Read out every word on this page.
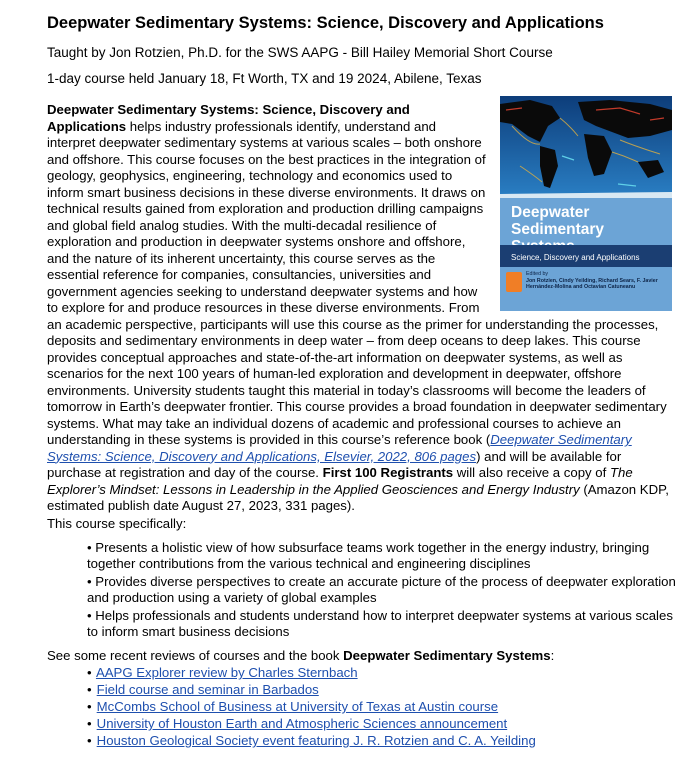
Deepwater Sedimentary Systems: Science, Discovery and Applications
Taught by Jon Rotzien, Ph.D. for the SWS AAPG - Bill Hailey Memorial Short Course
1-day course held January 18, Ft Worth, TX and 19 2024, Abilene, Texas
Deepwater
Sedimentary
Science, Discovery and Applications
Edited by
Jon Rotzien, Cindy Yeilding, Richard Sears, F. Javier Hernández-Molina and Octavian Catuneanu
Deepwater Sedimentary Systems: Science, Discovery and Applications helps industry professionals identify, understand and interpret deepwater sedimentary systems at various scales – both onshore and offshore. This course focuses on the best practices in the integration of geology, geophysics, engineering, technology and economics used to inform smart business decisions in these diverse environments. It draws on technical results gained from exploration and production drilling campaigns and global field analog studies. With the multi-decadal resilience of exploration and production in deepwater systems onshore and offshore, and the nature of its inherent uncertainty, this course serves as the essential reference for companies, consultancies, universities and government agencies seeking to understand deepwater systems and how to explore for and produce resources in these diverse environments. From an academic perspective, participants will use this course as the primer for understanding the processes, deposits and sedimentary environments in deep water – from deep oceans to deep lakes. This course provides conceptual approaches and state-of-the-art information on deepwater systems, as well as scenarios for the next 100 years of human-led exploration and development in deepwater, offshore environments. University students taught this material in today’s classrooms will become the leaders of tomorrow in Earth’s deepwater frontier. This course provides a broad foundation in deepwater sedimentary systems. What may take an individual dozens of academic and professional courses to achieve an understanding in these systems is provided in this course’s reference book (Deepwater Sedimentary Systems: Science, Discovery and Applications, Elsevier, 2022, 806 pages) and will be available for purchase at registration and day of the course. First 100 Registrants will also receive a copy of The Explorer’s Mindset: Lessons in Leadership in the Applied Geosciences and Energy Industry (Amazon KDP, estimated publish date August 27, 2023, 331 pages).
This course specifically:
• Presents a holistic view of how subsurface teams work together in the energy industry, bringing together contributions from the various technical and engineering disciplines
• Provides diverse perspectives to create an accurate picture of the process of deepwater exploration and production using a variety of global examples
• Helps professionals and students understand how to interpret deepwater systems at various scales to inform smart business decisions
See some recent reviews of courses and the book Deepwater Sedimentary Systems:
• AAPG Explorer review by Charles Sternbach
• Field course and seminar in Barbados
• McCombs School of Business at University of Texas at Austin course
• University of Houston Earth and Atmospheric Sciences announcement
• Houston Geological Society event featuring J. R. Rotzien and C. A. Yeilding
